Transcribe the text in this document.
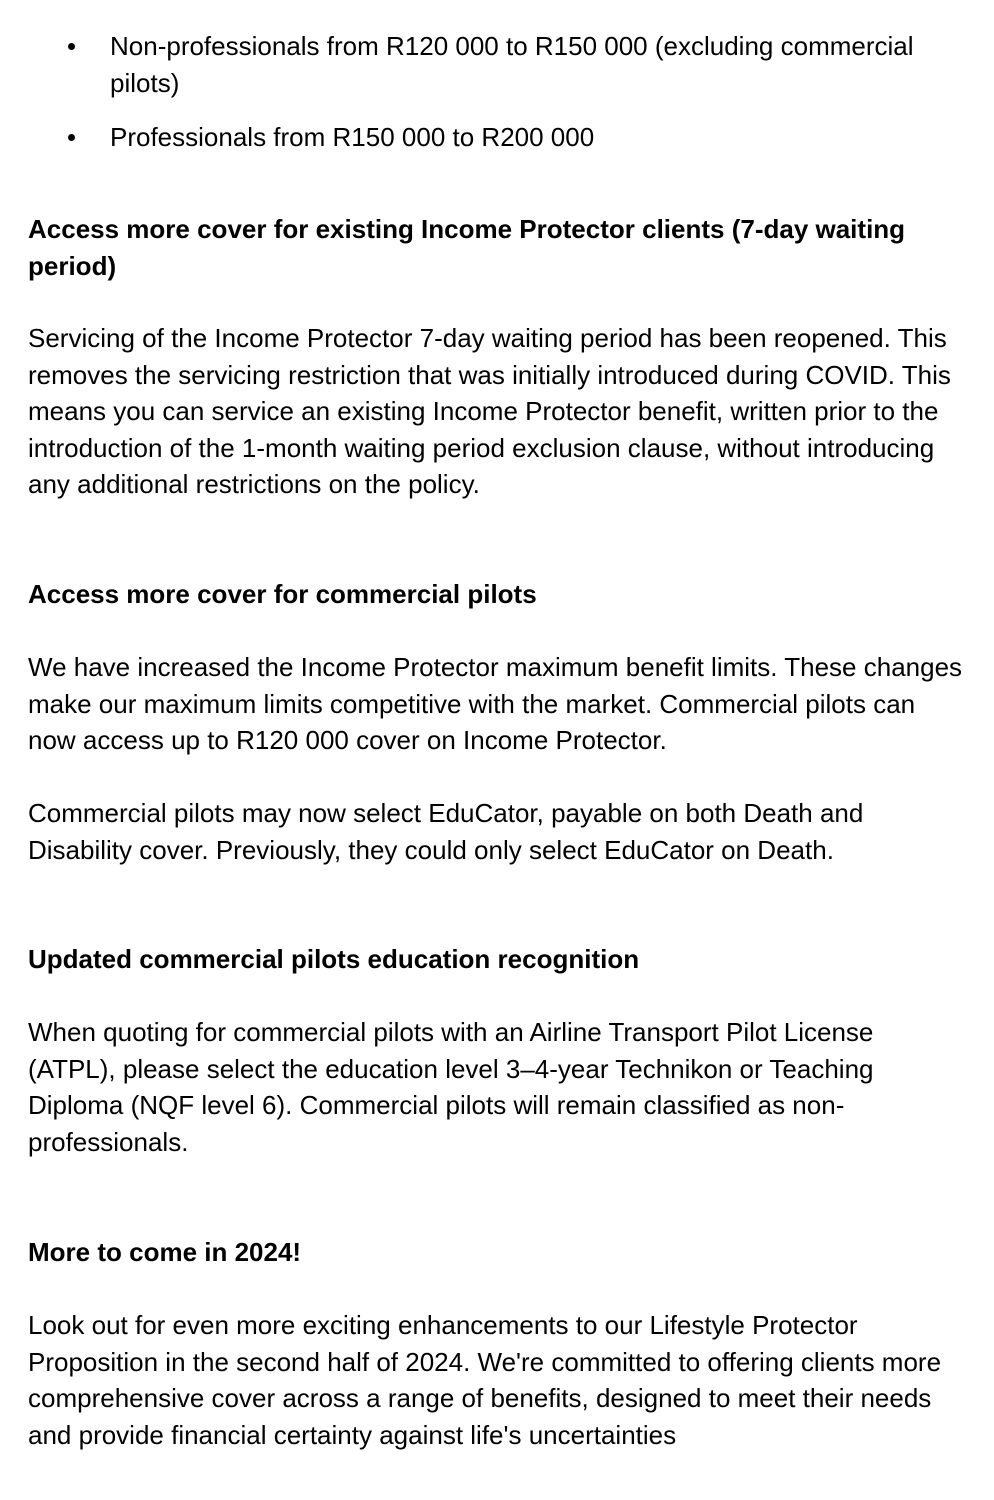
Non-professionals from R120 000 to R150 000 (excluding commercial pilots)
Professionals from R150 000 to R200 000
Access more cover for existing Income Protector clients (7-day waiting period)

Servicing of the Income Protector 7-day waiting period has been reopened. This removes the servicing restriction that was initially introduced during COVID. This means you can service an existing Income Protector benefit, written prior to the introduction of the 1-month waiting period exclusion clause, without introducing any additional restrictions on the policy.

Access more cover for commercial pilots

We have increased the Income Protector maximum benefit limits. These changes make our maximum limits competitive with the market. Commercial pilots can now access up to R120 000 cover on Income Protector.

Commercial pilots may now select EduCator, payable on both Death and Disability cover. Previously, they could only select EduCator on Death.

Updated commercial pilots education recognition

When quoting for commercial pilots with an Airline Transport Pilot License (ATPL), please select the education level 3–4-year Technikon or Teaching Diploma (NQF level 6). Commercial pilots will remain classified as non-professionals.

More to come in 2024!

Look out for even more exciting enhancements to our Lifestyle Protector Proposition in the second half of 2024. We're committed to offering clients more comprehensive cover across a range of benefits, designed to meet their needs and provide financial certainty against life's uncertainties
